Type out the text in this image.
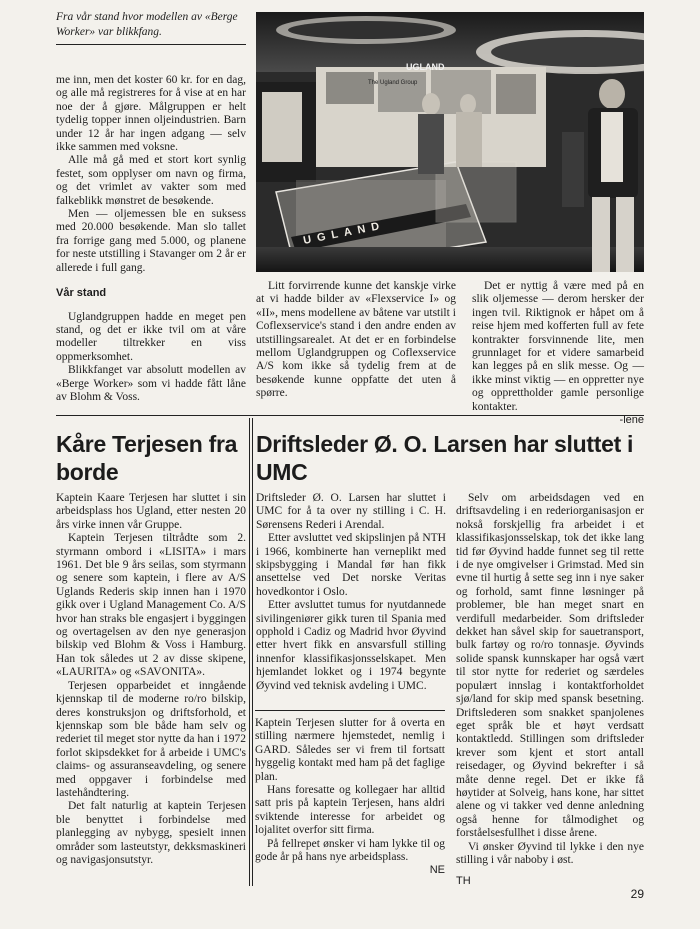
Fra vår stand hvor modellen av «Berge Worker» var blikkfang.
The Ugland Group
UGLAND
UGLAND

me inn, men det koster 60 kr. for en dag, og alle må registreres for å vise at en har noe der å gjøre. Målgruppen er helt tydelig topper innen oljeindustrien. Barn under 12 år har ingen adgang — selv ikke sammen med voksne.

Alle må gå med et stort kort synlig festet, som opplyser om navn og firma, og det vrimlet av vakter som med falkeblikk mønstret de besøkende.

Men — oljemessen ble en suksess med 20.000 besøkende. Man slo tallet fra forrige gang med 5.000, og planene for neste utstilling i Stavanger om 2 år er allerede i full gang.

Vår stand

Uglandgruppen hadde en meget pen stand, og det er ikke tvil om at våre modeller tiltrekker en viss oppmerksomhet.

Blikkfanget var absolutt modellen av «Berge Worker» som vi hadde fått låne av Blohm & Voss.

Litt forvirrende kunne det kanskje virke at vi hadde bilder av «Flexservice I» og «II», mens modellene av båtene var utstilt i Coflexservice's stand i den andre enden av utstillingsarealet. At det er en forbindelse mellom Uglandgruppen og Coflexservice A/S kom ikke så tydelig frem at de besøkende kunne oppfatte det uten å spørre.

Det er nyttig å være med på en slik oljemesse — derom hersker der ingen tvil. Riktignok er håpet om å reise hjem med kofferten full av fete kontrakter forsvinnende lite, men grunnlaget for et videre samarbeid kan legges på en slik messe. Og — ikke minst viktig — en oppretter nye og opprettholder gamle personlige kontakter.

-lene
Kåre Terjesen fra borde
Driftsleder Ø. O. Larsen har sluttet i UMC

Kaptein Kaare Terjesen har sluttet i sin arbeidsplass hos Ugland, etter nesten 20 års virke innen vår Gruppe.

Kaptein Terjesen tiltrådte som 2. styrmann ombord i «LISITA» i mars 1961. Det ble 9 års seilas, som styrmann og senere som kaptein, i flere av A/S Uglands Rederis skip innen han i 1970 gikk over i Ugland Management Co. A/S hvor han straks ble engasjert i byggingen og overtagelsen av den nye generasjon bilskip ved Blohm & Voss i Hamburg. Han tok således ut 2 av disse skipene, «LAURITA» og «SAVONITA».

Terjesen opparbeidet et inngående kjennskap til de moderne ro/ro bilskip, deres konstruksjon og driftsforhold, et kjennskap som ble både ham selv og rederiet til meget stor nytte da han i 1972 forlot skipsdekket for å arbeide i UMC's claims- og assuranseavdeling, og senere med oppgaver i forbindelse med lastehåndtering.

Det falt naturlig at kaptein Terjesen ble benyttet i forbindelse med planlegging av nybygg, spesielt innen områder som lasteutstyr, dekksmaskineri og navigasjonsutstyr.

Driftsleder Ø. O. Larsen har sluttet i UMC for å ta over ny stilling i C. H. Sørensens Rederi i Arendal.

Etter avsluttet ved skipslinjen på NTH i 1966, kombinerte han verneplikt med skipsbygging i Mandal før han fikk ansettelse ved Det norske Veritas hovedkontor i Oslo.

Etter avsluttet tumus for nyutdannede sivilingeniører gikk turen til Spania med opphold i Cadiz og Madrid hvor Øyvind etter hvert fikk en ansvarsfull stilling innenfor klassifikasjonsselskapet. Men hjemlandet lokket og i 1974 begynte Øyvind ved teknisk avdeling i UMC.

Kaptein Terjesen slutter for å overta en stilling nærmere hjemstedet, nemlig i GARD. Således ser vi frem til fortsatt hyggelig kontakt med ham på det faglige plan.

Hans foresatte og kollegaer har alltid satt pris på kaptein Terjesen, hans aldri sviktende interesse for arbeidet og lojalitet overfor sitt firma.

På fellrepet ønsker vi ham lykke til og gode år på hans nye arbeidsplass.

NE

Selv om arbeidsdagen ved en driftsavdeling i en rederiorganisasjon er nokså forskjellig fra arbeidet i et klassifikasjonsselskap, tok det ikke lang tid før Øyvind hadde funnet seg til rette i de nye omgivelser i Grimstad. Med sin evne til hurtig å sette seg inn i nye saker og forhold, samt finne løsninger på problemer, ble han meget snart en verdifull medarbeider. Som driftsleder dekket han såvel skip for sauetransport, bulk fartøy og ro/ro tonnasje. Øyvinds solide spansk kunnskaper har også vært til stor nytte for rederiet og særdeles populært innslag i kontaktforholdet sjø/land for skip med spansk besetning. Driftslederen som snakket spanjolenes eget språk ble et høyt verdsatt kontaktledd. Stillingen som driftsleder krever som kjent et stort antall reisedager, og Øyvind bekrefter i så måte denne regel. Det er ikke få høytider at Solveig, hans kone, har sittet alene og vi takker ved denne anledning også henne for tålmodighet og forståelsesfullhet i disse årene.

Vi ønsker Øyvind til lykke i den nye stilling i vår naboby i øst.

TH
29
